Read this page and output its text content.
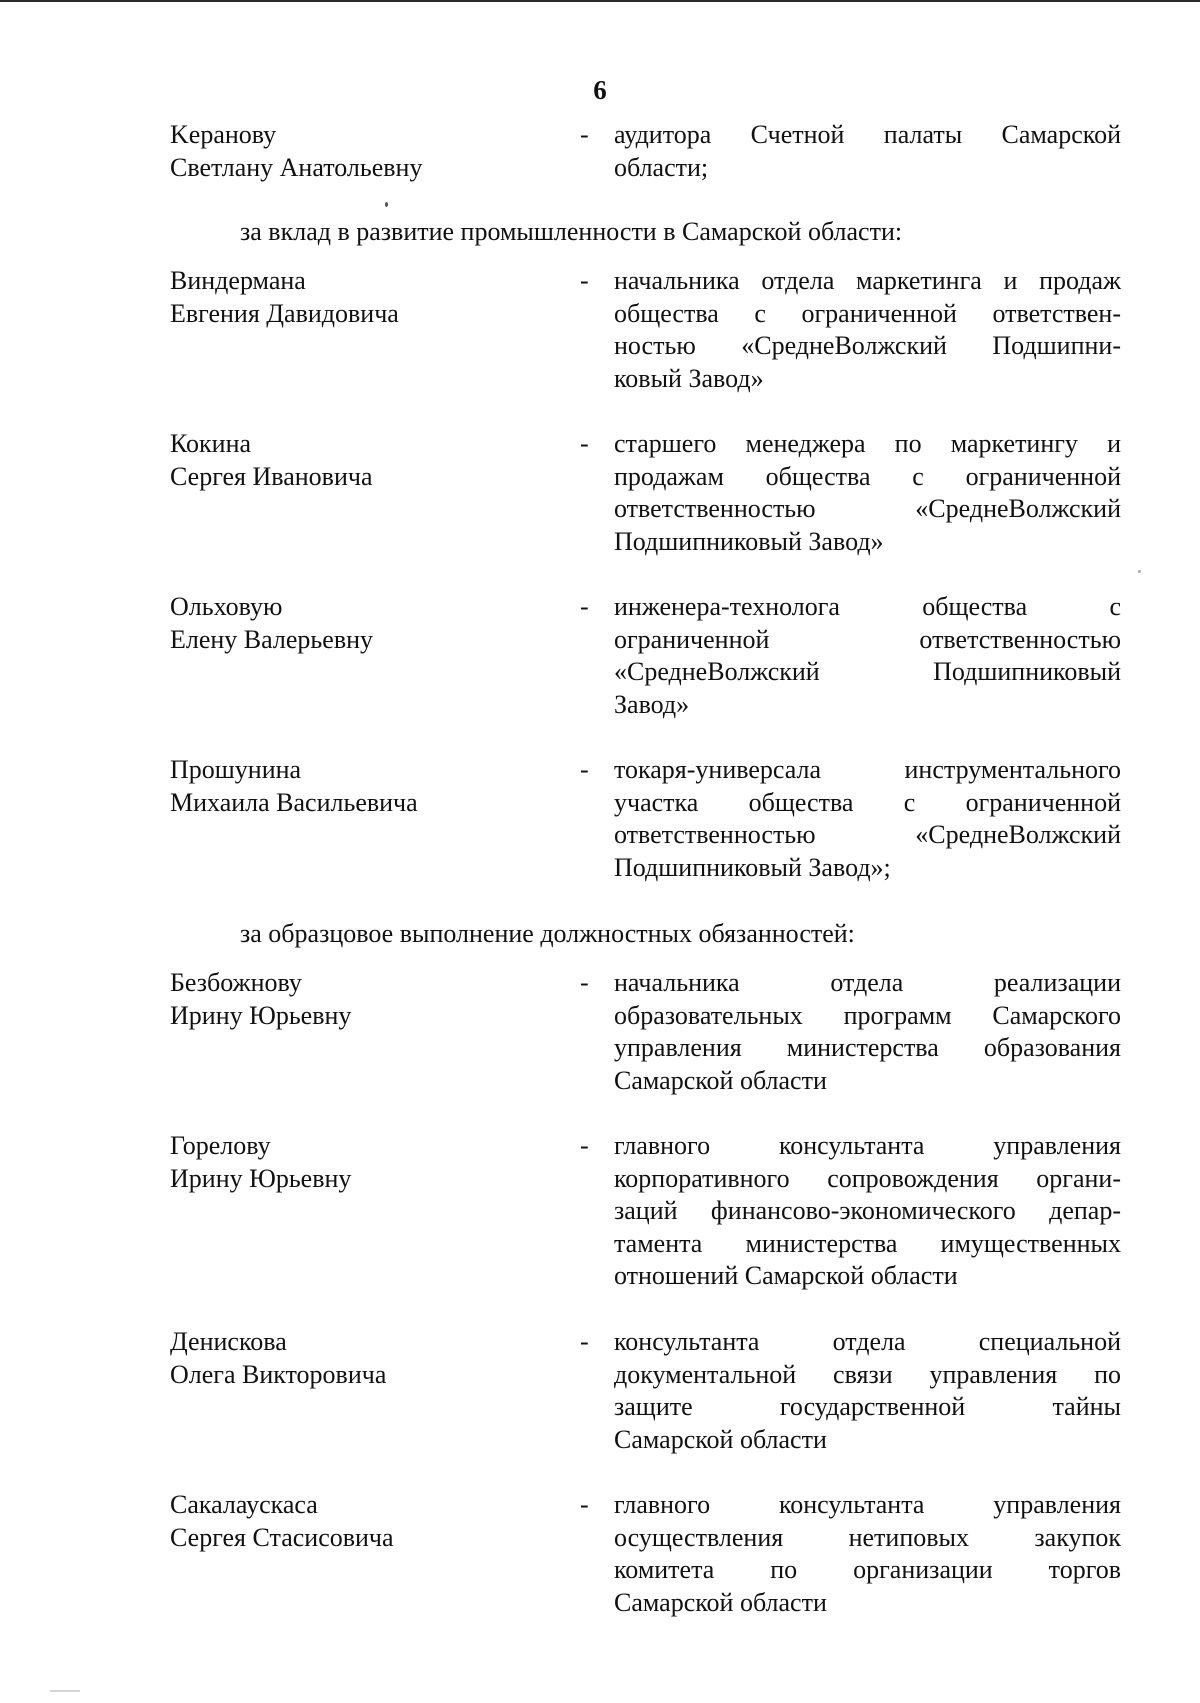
6
Keранову
Светлану Анатольевну
- аудитора Счетной палаты Самарской
области;
за вклад в развитие промышленности в Самарской области:
Виндермана
Евгения Давидовича
- начальника отдела маркетинга и продаж
общества с ограниченной ответствен-
ностью «СреднеВолжский Подшипни-
ковый Завод»
Кокина
Сергея Ивановича
- старшего менеджера по маркетингу и
продажам общества с ограниченной
ответственностью «СреднеВолжский
Подшипниковый Завод»
Ольховую
Елену Валерьевну
- инженера-технолога общества с
ограниченной ответственностью
«СреднеВолжский Подшипниковый
Завод»
Прошунина
Михаила Васильевича
- токаря-универсала инструментального
участка общества с ограниченной
ответственностью «СреднеВолжский
Подшипниковый Завод»;
за образцовое выполнение должностных обязанностей:
Безбожнову
Ирину Юрьевну
- начальника отдела реализации
образовательных программ Самарского
управления министерства образования
Самарской области
Горелову
Ирину Юрьевну
- главного консультанта управления
корпоративного сопровождения органи-
заций финансово-экономического депар-
тамента министерства имущественных
отношений Самарской области
Денискова
Олега Викторовича
- консультанта отдела специальной
документальной связи управления по
защите государственной тайны
Самарской области
Сакалаускаса
Сергея Стасисовича
- главного консультанта управления
осуществления нетиповых закупок
комитета по организации торгов
Самарской области
